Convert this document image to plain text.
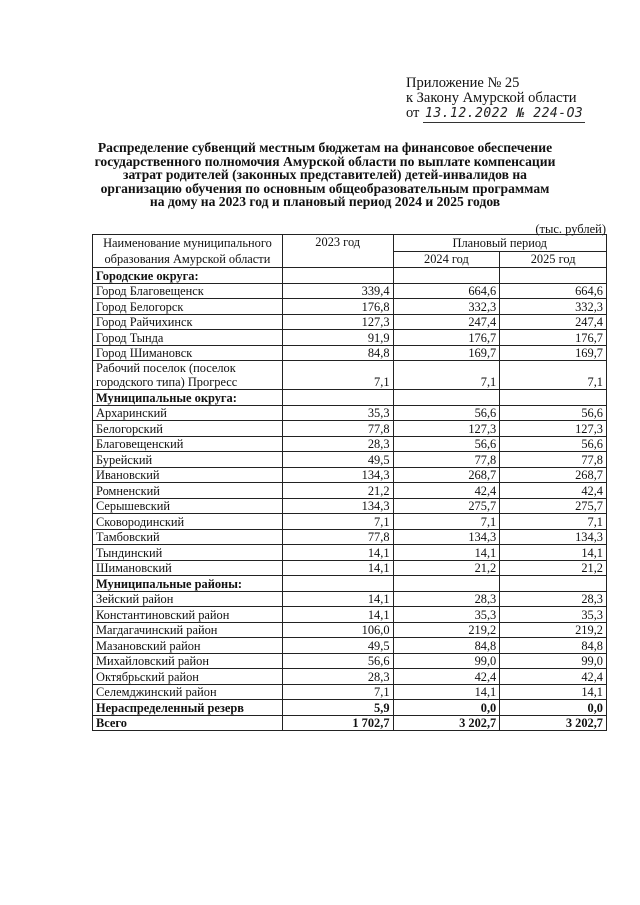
Приложение № 25
к Закону Амурской области
от 13.12.2022 № 224-ОЗ
Распределение субвенций местным бюджетам на финансовое обеспечение
государственного полномочия Амурской области по выплате компенсации
затрат родителей (законных представителей) детей-инвалидов на
организацию обучения по основным общеобразовательным программам
на дому на 2023 год и плановый период 2024 и 2025 годов
(тыс. рублей)
Наименование муниципального
образования Амурской области	2023 год	Плановый период	
		2024 год	2025 год
Городские округа:			

Город Благовещенск	339,4	664,6	664,6

Город Белогорск	176,8	332,3	332,3

Город Райчихинск	127,3	247,4	247,4

Город Тында	91,9	176,7	176,7

Город Шимановск	84,8	169,7	169,7

Рабочий поселок (поселок
городского типа) Прогресс	7,1	7,1	7,1
Муниципальные округа:			

Архаринский	35,3	56,6	56,6

Белогорский	77,8	127,3	127,3

Благовещенский	28,3	56,6	56,6

Бурейский	49,5	77,8	77,8

Ивановский	134,3	268,7	268,7

Ромненский	21,2	42,4	42,4

Серышевский	134,3	275,7	275,7

Сковородинский	7,1	7,1	7,1

Тамбовский	77,8	134,3	134,3

Тындинский	14,1	14,1	14,1

Шимановский	14,1	21,2	21,2
Муниципальные районы:			

Зейский район	14,1	28,3	28,3

Константиновский район	14,1	35,3	35,3

Магдагачинский район	106,0	219,2	219,2

Мазановский район	49,5	84,8	84,8

Михайловский район	56,6	99,0	99,0

Октябрьский район	28,3	42,4	42,4

Селемджинский район	7,1	14,1	14,1

Нераспределенный резерв	5,9	0,0	0,0

Всего	1 702,7	3 202,7	3 202,7
